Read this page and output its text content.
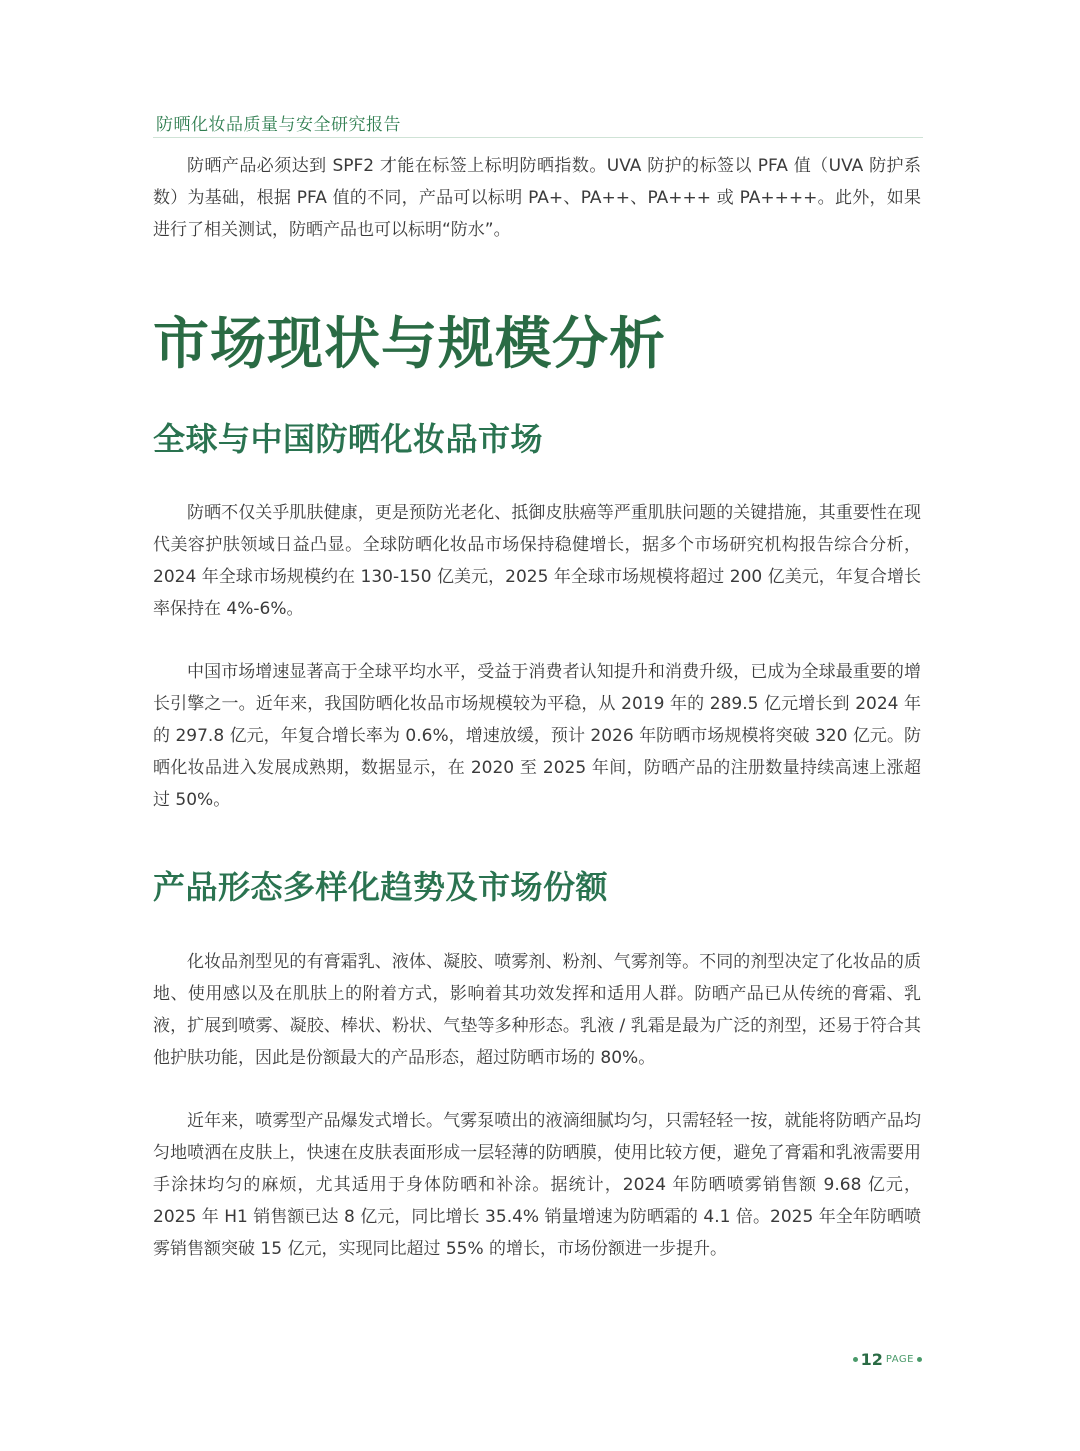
防晒化妆品质量与安全研究报告

防晒产品必须达到 SPF2 才能在标签上标明防晒指数。UVA 防护的标签以 PFA 值（UVA 防护系数）为基础，根据 PFA 值的不同，产品可以标明 PA+、PA++、PA+++ 或 PA++++。此外，如果进行了相关测试，防晒产品也可以标明“防水”。

市场现状与规模分析
全球与中国防晒化妆品市场

防晒不仅关乎肌肤健康，更是预防光老化、抵御皮肤癌等严重肌肤问题的关键措施，其重要性在现代美容护肤领域日益凸显。全球防晒化妆品市场保持稳健增长，据多个市场研究机构报告综合分析，2024 年全球市场规模约在 130-150 亿美元，2025 年全球市场规模将超过 200 亿美元，年复合增长率保持在 4%-6%。

中国市场增速显著高于全球平均水平，受益于消费者认知提升和消费升级，已成为全球最重要的增长引擎之一。近年来，我国防晒化妆品市场规模较为平稳，从 2019 年的 289.5 亿元增长到 2024 年的 297.8 亿元，年复合增长率为 0.6%，增速放缓，预计 2026 年防晒市场规模将突破 320 亿元。防晒化妆品进入发展成熟期，数据显示，在 2020 至 2025 年间，防晒产品的注册数量持续高速上涨超过 50%。

产品形态多样化趋势及市场份额

化妆品剂型见的有膏霜乳、液体、凝胶、喷雾剂、粉剂、气雾剂等。不同的剂型决定了化妆品的质地、使用感以及在肌肤上的附着方式，影响着其功效发挥和适用人群。防晒产品已从传统的膏霜、乳液，扩展到喷雾、凝胶、棒状、粉状、气垫等多种形态。乳液 / 乳霜是最为广泛的剂型，还易于符合其他护肤功能，因此是份额最大的产品形态，超过防晒市场的 80%。

近年来，喷雾型产品爆发式增长。气雾泵喷出的液滴细腻均匀，只需轻轻一按，就能将防晒产品均匀地喷洒在皮肤上，快速在皮肤表面形成一层轻薄的防晒膜，使用比较方便，避免了膏霜和乳液需要用手涂抹均匀的麻烦，尤其适用于身体防晒和补涂。据统计，2024 年防晒喷雾销售额 9.68 亿元，2025 年 H1 销售额已达 8 亿元，同比增长 35.4% 销量增速为防晒霜的 4.1 倍。2025 年全年防晒喷雾销售额突破 15 亿元，实现同比超过 55% 的增长，市场份额进一步提升。

12 PAGE
